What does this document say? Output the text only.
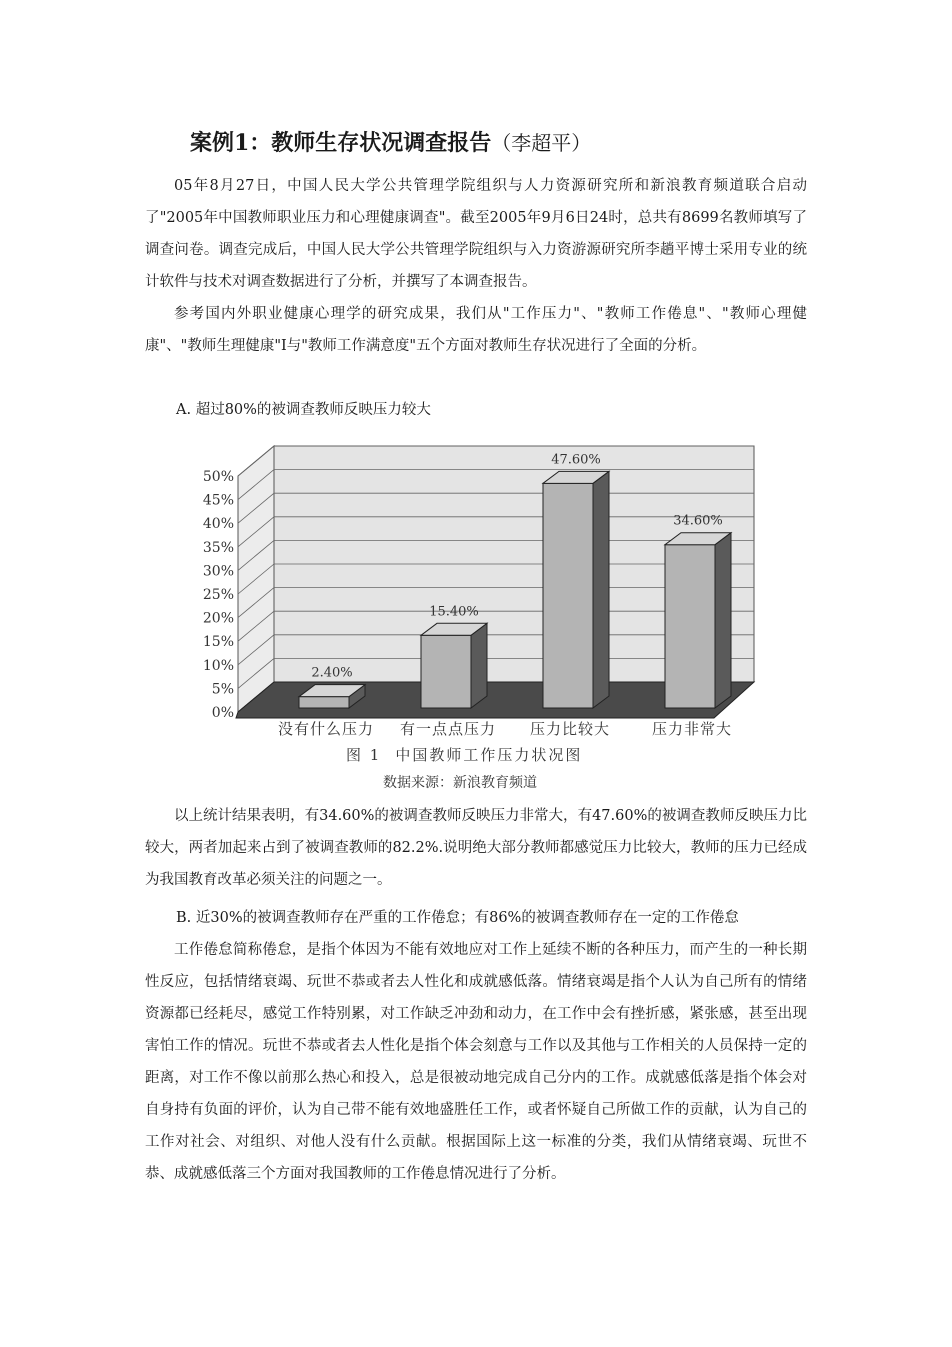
案例1：教师生存状况调查报告（李超平）

05年8月27日，中国人民大学公共管理学院组织与人力资源研究所和新浪教育频道联合启动了"2005年中国教师职业压力和心理健康调查"。截至2005年9月6日24时，总共有8699名教师填写了调查问卷。调查完成后，中国人民大学公共管理学院组织与入力资游源研究所李趟平博士采用专业的统计软件与技术对调查数据进行了分析，并撰写了本调查报告。

参考国内外职业健康心理学的研究成果，我们从"工作压力"、"教师工作倦息"、"教师心理健康"、"教师生理健康"I与"教师工作满意度"五个方面对教师生存状况进行了全面的分析。

A. 超过80%的被调查教师反映压力较大

0%
5%
10%
15%
20%
25%
30%
35%
40%
45%
50%
2.40%
没有什么压力
15.40%
有一点点压力
47.60%
压力比较大
34.60%
压力非常大
图 1 中国教师工作压力状况图
数据来源：新浪教育频道

以上统计结果表明，有34.60%的被调查教师反映压力非常大，有47.60%的被调查教师反映压力比较大，两者加起来占到了被调查教师的82.2%.说明绝大部分教师都感觉压力比较大，教师的压力已经成为我国教育改革必须关注的问题之一。

B. 近30%的被调查教师存在严重的工作倦怠；有86%的被调查教师存在一定的工作倦怠

工作倦怠简称倦怠，是指个体因为不能有效地应对工作上延续不断的各种压力，而产生的一种长期性反应，包括情绪衰竭、玩世不恭或者去人性化和成就感低落。情绪衰竭是指个人认为自己所有的情绪资源都已经耗尽，感觉工作特别累，对工作缺乏冲劲和动力，在工作中会有挫折感，紧张感，甚至出现害怕工作的情况。玩世不恭或者去人性化是指个体会刻意与工作以及其他与工作相关的人员保持一定的距离，对工作不像以前那么热心和投入，总是很被动地完成自己分内的工作。成就感低落是指个体会对自身持有负面的评价，认为自己带不能有效地盛胜任工作，或者怀疑自己所做工作的贡献，认为自己的工作对社会、对组织、对他人没有什么贡献。根据国际上这一标准的分类，我们从情绪衰竭、玩世不恭、成就感低落三个方面对我国教师的工作倦息情况进行了分析。
